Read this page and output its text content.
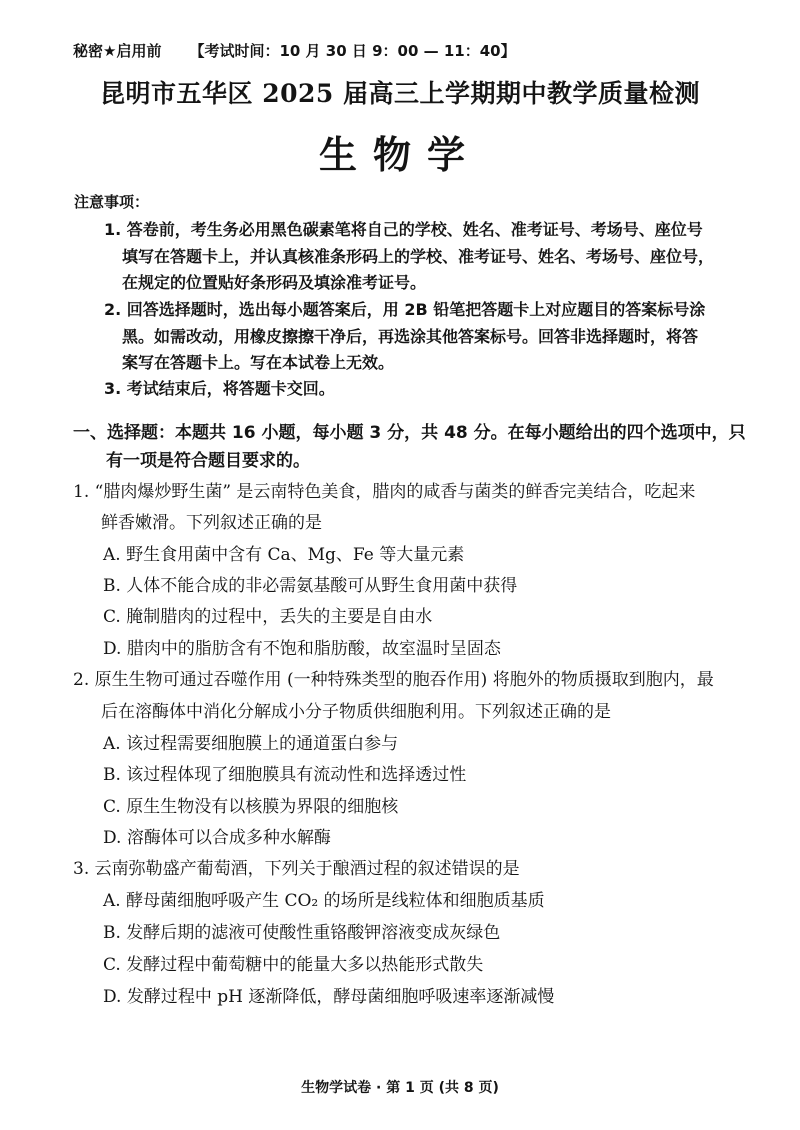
秘密★启用前 【考试时间：10 月 30 日 9：00 — 11：40】
昆明市五华区 2025 届高三上学期期中教学质量检测
生物学
注意事项：
1. 答卷前，考生务必用黑色碳素笔将自己的学校、姓名、准考证号、考场号、座位号
填写在答题卡上，并认真核准条形码上的学校、准考证号、姓名、考场号、座位号，
在规定的位置贴好条形码及填涂准考证号。
2. 回答选择题时，选出每小题答案后，用 2B 铅笔把答题卡上对应题目的答案标号涂
黑。如需改动，用橡皮擦擦干净后，再选涂其他答案标号。回答非选择题时，将答
案写在答题卡上。写在本试卷上无效。
3. 考试结束后，将答题卡交回。
一、选择题：本题共 16 小题，每小题 3 分，共 48 分。在每小题给出的四个选项中，只
有一项是符合题目要求的。
1. “腊肉爆炒野生菌” 是云南特色美食，腊肉的咸香与菌类的鲜香完美结合，吃起来
鲜香嫩滑。下列叙述正确的是
A. 野生食用菌中含有 Ca、Mg、Fe 等大量元素
B. 人体不能合成的非必需氨基酸可从野生食用菌中获得
C. 腌制腊肉的过程中，丢失的主要是自由水
D. 腊肉中的脂肪含有不饱和脂肪酸，故室温时呈固态
2. 原生生物可通过吞噬作用 (一种特殊类型的胞吞作用) 将胞外的物质摄取到胞内，最
后在溶酶体中消化分解成小分子物质供细胞利用。下列叙述正确的是
A. 该过程需要细胞膜上的通道蛋白参与
B. 该过程体现了细胞膜具有流动性和选择透过性
C. 原生生物没有以核膜为界限的细胞核
D. 溶酶体可以合成多种水解酶
3. 云南弥勒盛产葡萄酒，下列关于酿酒过程的叙述错误的是
A. 酵母菌细胞呼吸产生 CO₂ 的场所是线粒体和细胞质基质
B. 发酵后期的滤液可使酸性重铬酸钾溶液变成灰绿色
C. 发酵过程中葡萄糖中的能量大多以热能形式散失
D. 发酵过程中 pH 逐渐降低，酵母菌细胞呼吸速率逐渐减慢
生物学试卷 · 第 1 页 (共 8 页)
